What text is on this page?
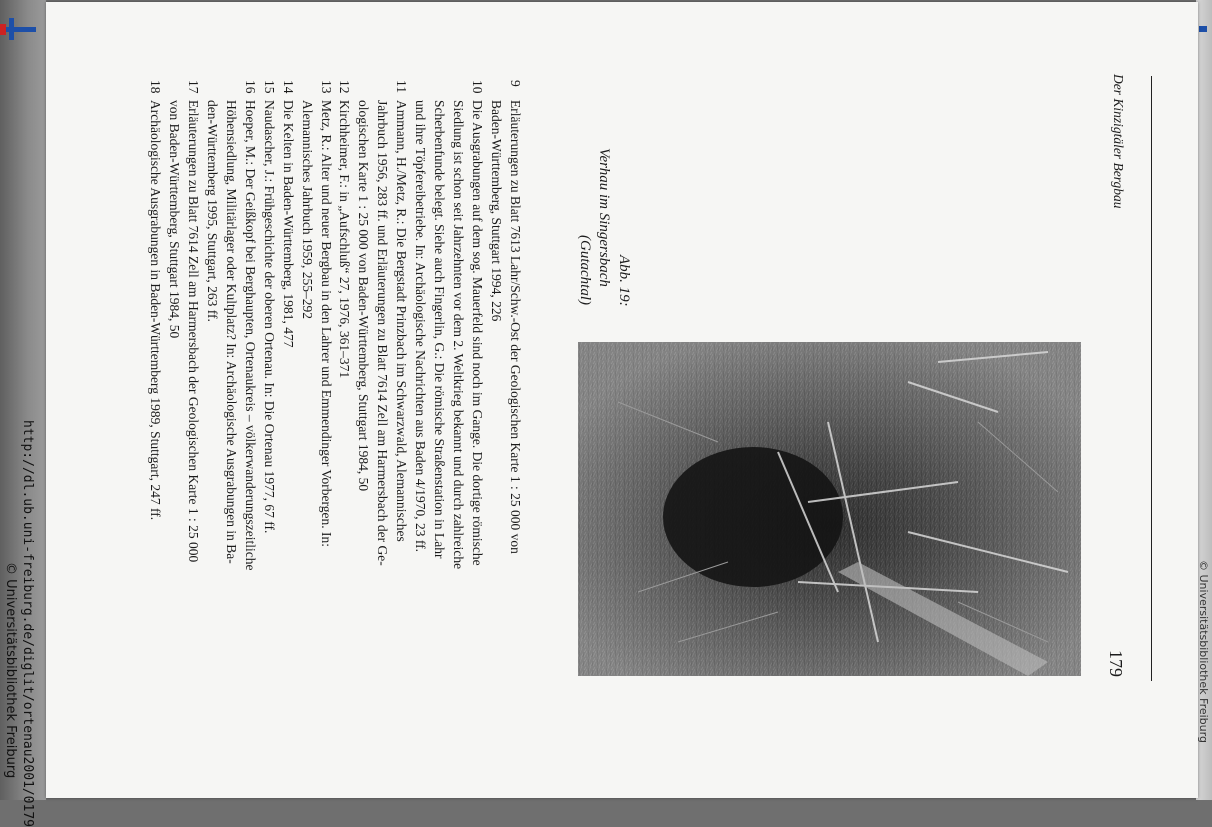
Der Kinzigtäler Bergbau
179
Abb. 19:
Verhau im Singersbach
(Gutachtal)
9
Erläuterungen zu Blatt 7613 Lahr/Schw.-Ost der Geologischen Karte 1 : 25 000 von
Baden-Württemberg, Stuttgart 1994, 226
10
Die Ausgrabungen auf dem sog. Mauerfeld sind noch im Gange. Die dortige römische
Siedlung ist schon seit Jahrzehnten vor dem 2. Weltkrieg bekannt und durch zahlreiche
Scherbenfunde belegt. Siehe auch Fingerlin, G.: Die römische Straßenstation in Lahr
und ihre Töpfereibetriebe. In: Archäologische Nachrichten aus Baden 4/1970, 23 ff.
11
Ammann, H./Metz, R.: Die Bergstadt Prinzbach im Schwarzwald, Alemannisches
Jahrbuch 1956, 283 ff. und Erläuterungen zu Blatt 7614 Zell am Harmersbach der Ge-
ologischen Karte 1 : 25 000 von Baden-Württemberg, Stuttgart 1984, 50
12
Kirchheimer, F.: in „Aufschluß“ 27, 1976, 361–371
13
Metz, R.: Alter und neuer Bergbau in den Lahrer und Emmendinger Vorbergen. In:
Alemannisches Jahrbuch 1959, 255–292
14
Die Kelten in Baden-Württemberg, 1981, 477
15
Naudascher, J.: Frühgeschichte der oberen Ortenau. In: Die Ortenau 1977, 67 ff.
16
Hoeper, M.: Der Geißkopf bei Berghaupten, Ortenaukreis – völkerwanderungszeitliche
Höhensiedlung, Militärlager oder Kultplatz? In: Archäologische Ausgrabungen in Ba-
den-Württemberg 1995, Stuttgart, 263 ff.
17
Erläuterungen zu Blatt 7614 Zell am Harmersbach der Geologischen Karte 1 : 25 000
von Baden-Württemberg, Stuttgart 1984, 50
18
Archäologische Ausgrabungen in Baden-Württemberg 1989, Stuttgart, 247 ff.
http://dl.ub.uni-freiburg.de/diglit/ortenau2001/0179
© Universitätsbibliothek Freiburg	© Universitätsbibliothek Freiburg
